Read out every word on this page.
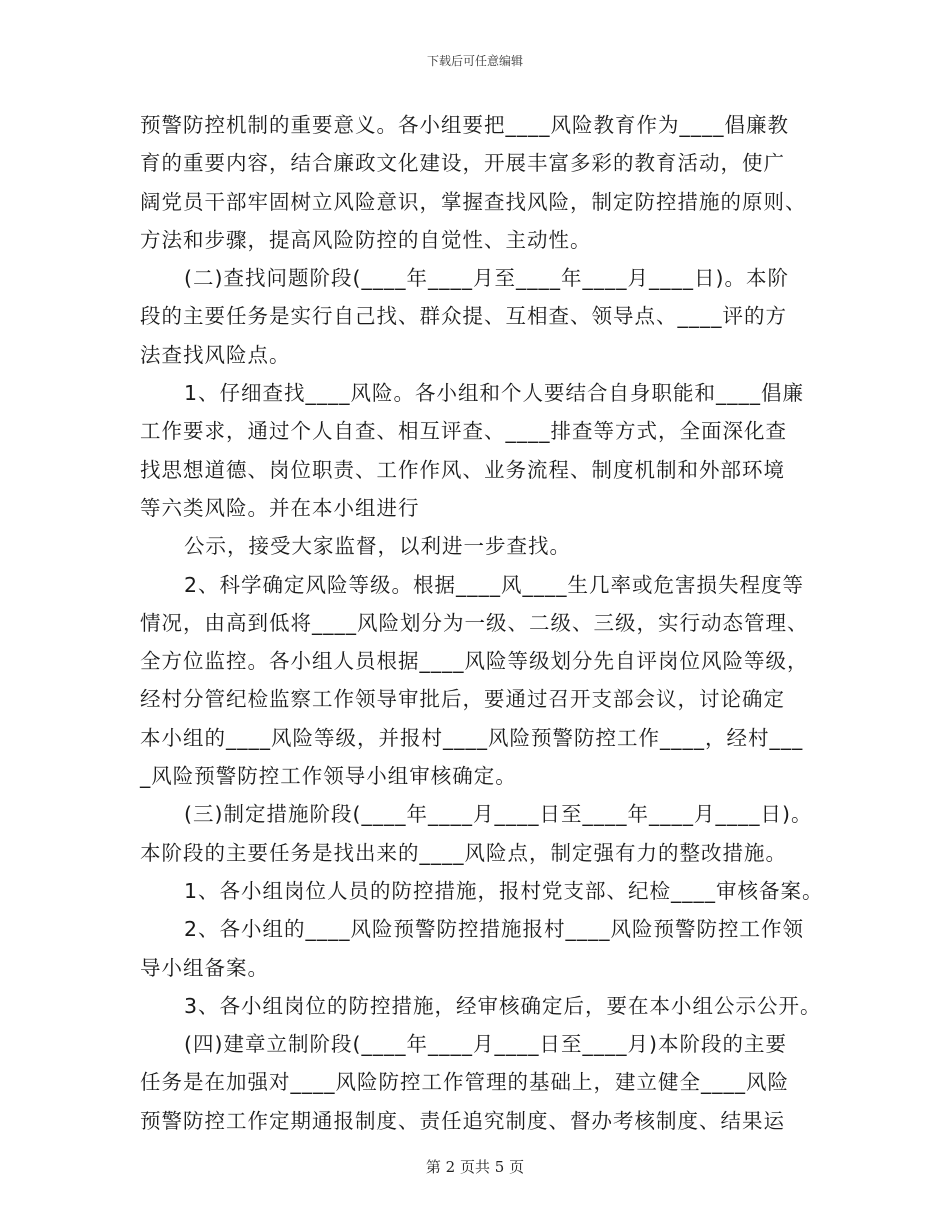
下载后可任意编辑
预警防控机制的重要意义。各小组要把____风险教育作为____倡廉教
育的重要内容，结合廉政文化建设，开展丰富多彩的教育活动，使广
阔党员干部牢固树立风险意识，掌握查找风险，制定防控措施的原则、
方法和步骤，提高风险防控的自觉性、主动性。
(二)查找问题阶段(____年____月至____年____月____日)。本阶
段的主要任务是实行自己找、群众提、互相查、领导点、____评的方
法查找风险点。
1、仔细查找____风险。各小组和个人要结合自身职能和____倡廉
工作要求，通过个人自查、相互评查、____排查等方式，全面深化查
找思想道德、岗位职责、工作作风、业务流程、制度机制和外部环境
等六类风险。并在本小组进行
公示，接受大家监督，以利进一步查找。
2、科学确定风险等级。根据____风____生几率或危害损失程度等
情况，由高到低将____风险划分为一级、二级、三级，实行动态管理、
全方位监控。各小组人员根据____风险等级划分先自评岗位风险等级，
经村分管纪检监察工作领导审批后，要通过召开支部会议，讨论确定
本小组的____风险等级，并报村____风险预警防控工作____，经村___
_风险预警防控工作领导小组审核确定。
(三)制定措施阶段(____年____月____日至____年____月____日)。
本阶段的主要任务是找出来的____风险点，制定强有力的整改措施。
1、各小组岗位人员的防控措施，报村党支部、纪检____审核备案。
2、各小组的____风险预警防控措施报村____风险预警防控工作领
导小组备案。
3、各小组岗位的防控措施，经审核确定后，要在本小组公示公开。
(四)建章立制阶段(____年____月____日至____月)本阶段的主要
任务是在加强对____风险防控工作管理的基础上，建立健全____风险
预警防控工作定期通报制度、责任追究制度、督办考核制度、结果运
第 2 页共 5 页
